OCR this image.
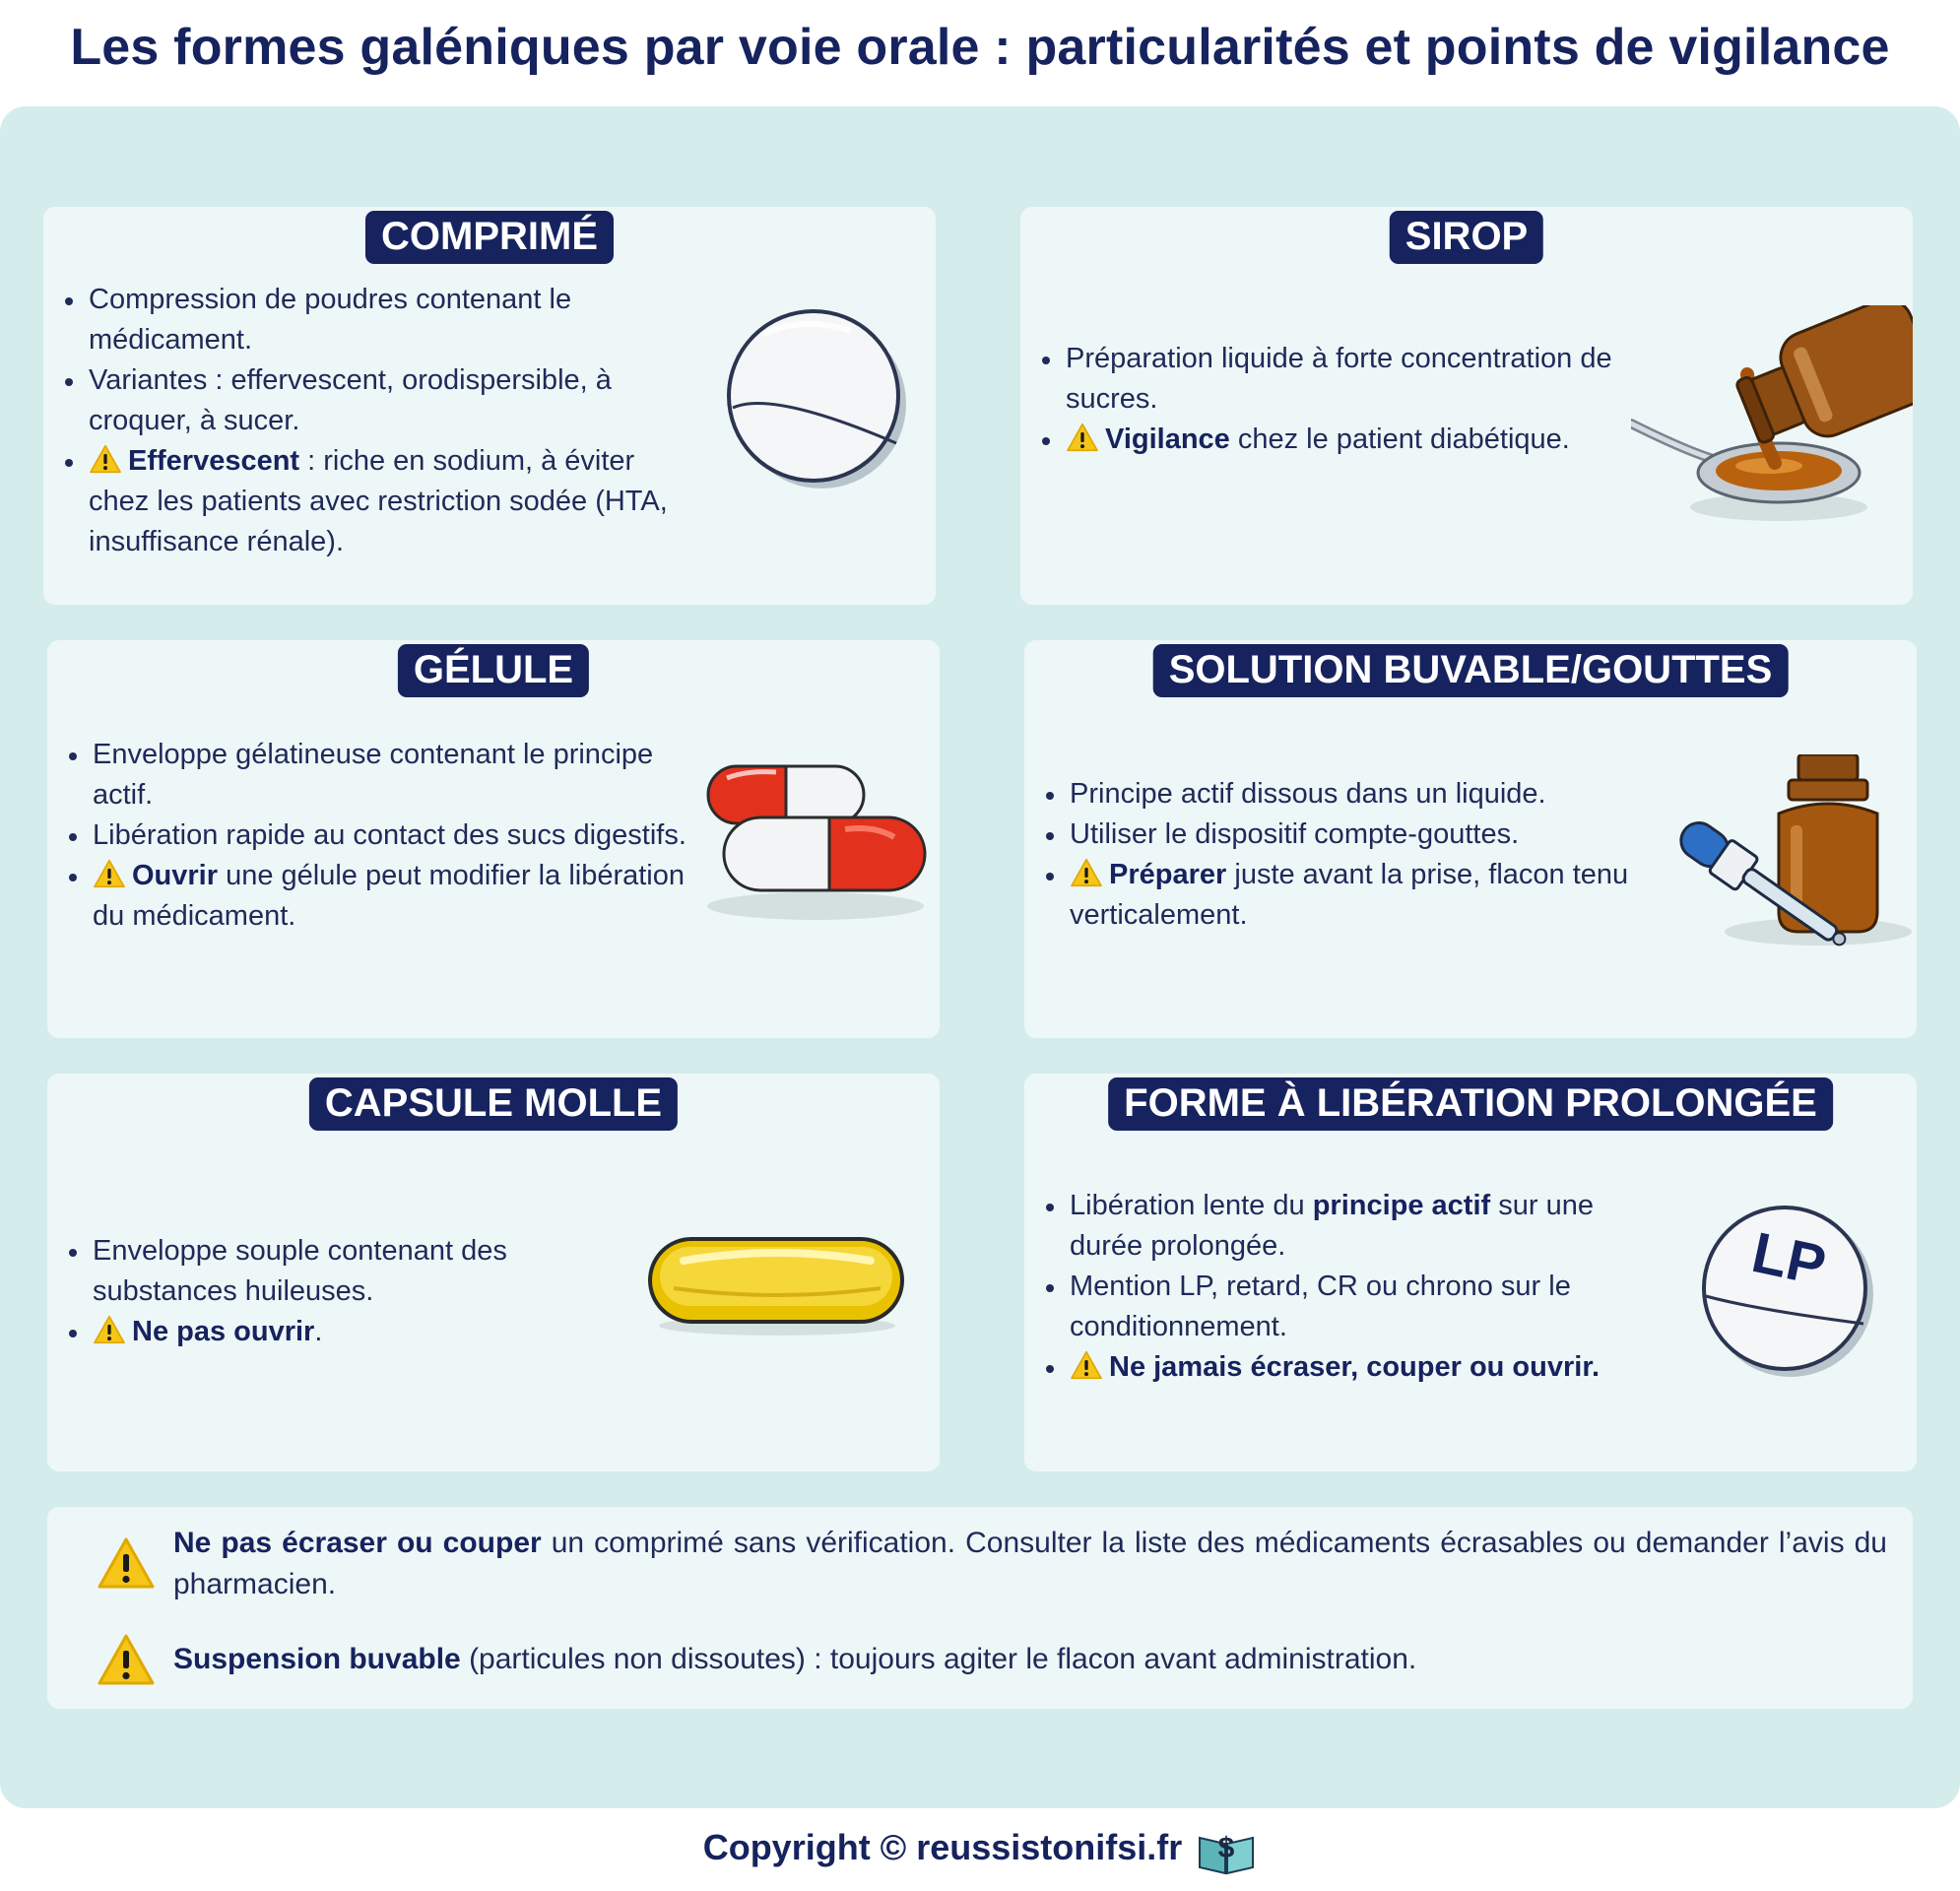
Les formes galéniques par voie orale : particularités et points de vigilance
COMPRIMÉ
Compression de poudres contenant le médicament.
Variantes : effervescent, orodispersible, à croquer, à sucer.
Effervescent : riche en sodium, à éviter chez les patients avec restriction sodée (HTA, insuffisance rénale).
SIROP
Préparation liquide à forte concentration de sucres.
Vigilance chez le patient diabétique.
GÉLULE
Enveloppe gélatineuse contenant le principe actif.
Libération rapide au contact des sucs digestifs.
Ouvrir une gélule peut modifier la libération du médicament.
SOLUTION BUVABLE/GOUTTES
Principe actif dissous dans un liquide.
Utiliser le dispositif compte-gouttes.
Préparer juste avant la prise, flacon tenu verticalement.
CAPSULE MOLLE
Enveloppe souple contenant des substances huileuses.
Ne pas ouvrir.
FORME À LIBÉRATION PROLONGÉE
Libération lente du principe actif sur une durée prolongée.
Mention LP, retard, CR ou chrono sur le conditionnement.
Ne jamais écraser, couper ou ouvrir.
LP
Ne pas écraser ou couper un comprimé sans vérification. Consulter la liste des médicaments écrasables ou demander l’avis du pharmacien.
Suspension buvable (particules non dissoutes) : toujours agiter le flacon avant administration.
Copyright © reussistonifsi.fr $
